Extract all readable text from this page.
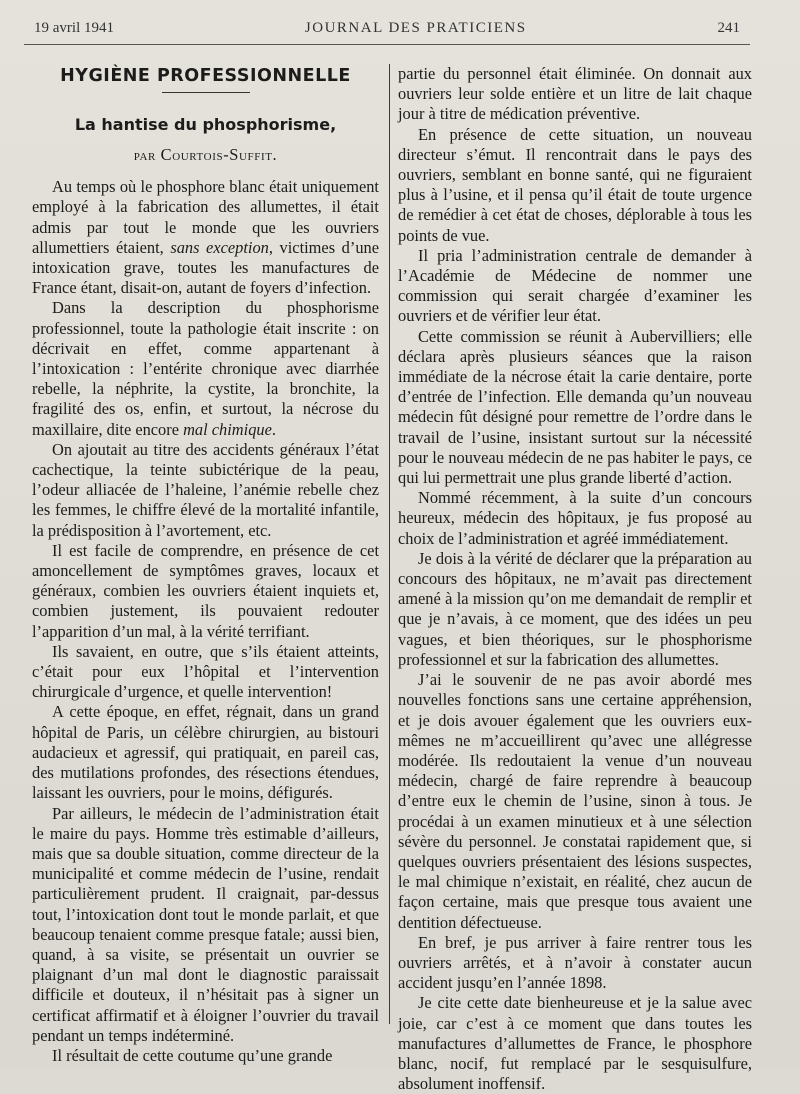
19 avril 1941	JOURNAL DES PRATICIENS	241
HYGIÈNE PROFESSIONNELLE
La hantise du phosphorisme,
par Courtois-Suffit.

Au temps où le phosphore blanc était uniquement employé à la fabrication des allumettes, il était admis par tout le monde que les ouvriers allumettiers étaient, sans exception, victimes d’une intoxication grave, toutes les manufactures de France étant, disait-on, autant de foyers d’infection.

Dans la description du phosphorisme professionnel, toute la pathologie était inscrite : on décrivait en effet, comme appartenant à l’intoxication : l’entérite chronique avec diarrhée rebelle, la néphrite, la cystite, la bronchite, la fragilité des os, enfin, et surtout, la nécrose du maxillaire, dite encore mal chimique.

On ajoutait au titre des accidents généraux l’état cachectique, la teinte subictérique de la peau, l’odeur alliacée de l’haleine, l’anémie rebelle chez les femmes, le chiffre élevé de la mortalité infantile, la prédisposition à l’avortement, etc.

Il est facile de comprendre, en présence de cet amoncellement de symptômes graves, locaux et généraux, combien les ouvriers étaient inquiets et, combien justement, ils pouvaient redouter l’apparition d’un mal, à la vérité terrifiant.

Ils savaient, en outre, que s’ils étaient atteints, c’était pour eux l’hôpital et l’intervention chirurgicale d’urgence, et quelle intervention!

A cette époque, en effet, régnait, dans un grand hôpital de Paris, un célèbre chirurgien, au bistouri audacieux et agressif, qui pratiquait, en pareil cas, des mutilations profondes, des résections étendues, laissant les ouvriers, pour le moins, défigurés.

Par ailleurs, le médecin de l’administration était le maire du pays. Homme très estimable d’ailleurs, mais que sa double situation, comme directeur de la municipalité et comme médecin de l’usine, rendait particulièrement prudent. Il craignait, par-dessus tout, l’intoxication dont tout le monde parlait, et que beaucoup tenaient comme presque fatale; aussi bien, quand, à sa visite, se présentait un ouvrier se plaignant d’un mal dont le diagnostic paraissait difficile et douteux, il n’hésitait pas à signer un certificat affirmatif et à éloigner l’ouvrier du travail pendant un temps indéterminé.

Il résultait de cette coutume qu’une grande

partie du personnel était éliminée. On donnait aux ouvriers leur solde entière et un litre de lait chaque jour à titre de médication préventive.

En présence de cette situation, un nouveau directeur s’émut. Il rencontrait dans le pays des ouvriers, semblant en bonne santé, qui ne figuraient plus à l’usine, et il pensa qu’il était de toute urgence de remédier à cet état de choses, déplorable à tous les points de vue.

Il pria l’administration centrale de demander à l’Académie de Médecine de nommer une commission qui serait chargée d’examiner les ouvriers et de vérifier leur état.

Cette commission se réunit à Aubervilliers; elle déclara après plusieurs séances que la raison immédiate de la nécrose était la carie dentaire, porte d’entrée de l’infection. Elle demanda qu’un nouveau médecin fût désigné pour remettre de l’ordre dans le travail de l’usine, insistant surtout sur la nécessité pour le nouveau médecin de ne pas habiter le pays, ce qui lui permettrait une plus grande liberté d’action.

Nommé récemment, à la suite d’un concours heureux, médecin des hôpitaux, je fus proposé au choix de l’administration et agréé immédiatement.

Je dois à la vérité de déclarer que la préparation au concours des hôpitaux, ne m’avait pas directement amené à la mission qu’on me demandait de remplir et que je n’avais, à ce moment, que des idées un peu vagues, et bien théoriques, sur le phosphorisme professionnel et sur la fabrication des allumettes.

J’ai le souvenir de ne pas avoir abordé mes nouvelles fonctions sans une certaine appréhension, et je dois avouer également que les ouvriers eux-mêmes ne m’accueillirent qu’avec une allégresse modérée. Ils redoutaient la venue d’un nouveau médecin, chargé de faire reprendre à beaucoup d’entre eux le chemin de l’usine, sinon à tous. Je procédai à un examen minutieux et à une sélection sévère du personnel. Je constatai rapidement que, si quelques ouvriers présentaient des lésions suspectes, le mal chimique n’existait, en réalité, chez aucun de façon certaine, mais que presque tous avaient une dentition défectueuse.

En bref, je pus arriver à faire rentrer tous les ouvriers arrêtés, et à n’avoir à constater aucun accident jusqu’en l’année 1898.

Je cite cette date bienheureuse et je la salue avec joie, car c’est à ce moment que dans toutes les manufactures d’allumettes de France, le phosphore blanc, nocif, fut remplacé par le sesquisulfure, absolument inoffensif.
